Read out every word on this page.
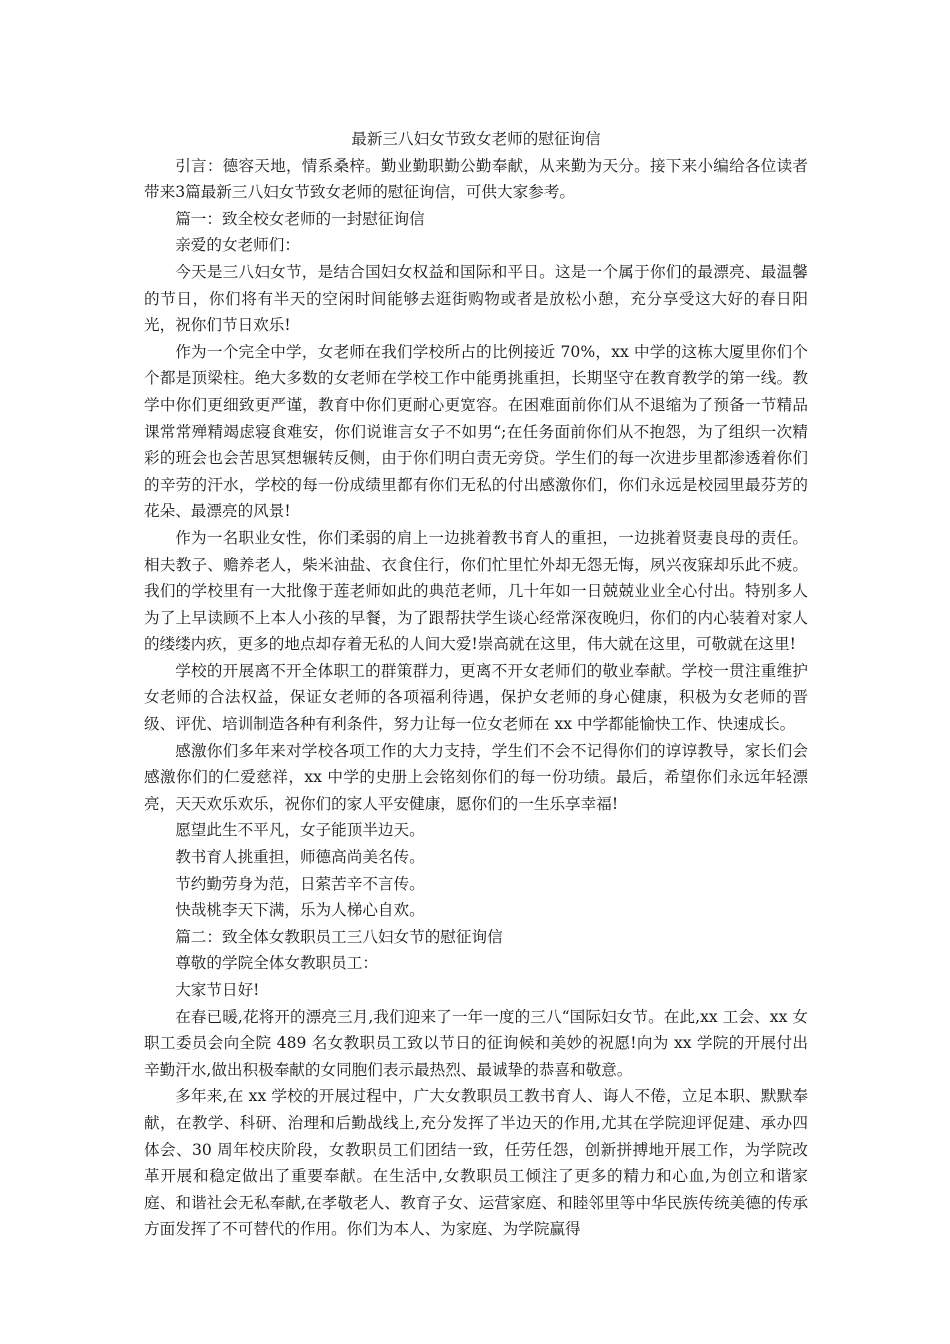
最新三八妇女节致女老师的慰征询信

引言：德容天地，情系桑梓。勤业勤职勤公勤奉献，从来勤为天分。接下来小编给各位读者带来3篇最新三八妇女节致女老师的慰征询信，可供大家参考。

篇一：致全校女老师的一封慰征询信

亲爱的女老师们：

今天是三八妇女节，是结合国妇女权益和国际和平日。这是一个属于你们的最漂亮、最温馨的节日，你们将有半天的空闲时间能够去逛街购物或者是放松小憩，充分享受这大好的春日阳光，祝你们节日欢乐!

作为一个完全中学，女老师在我们学校所占的比例接近 70%，xx 中学的这栋大厦里你们个个都是顶梁柱。绝大多数的女老师在学校工作中能勇挑重担，长期坚守在教育教学的第一线。教学中你们更细致更严谨，教育中你们更耐心更宽容。在困难面前你们从不退缩为了预备一节精品课常常殚精竭虑寝食难安，你们说谁言女子不如男“;在任务面前你们从不抱怨，为了组织一次精彩的班会也会苦思冥想辗转反侧，由于你们明白责无旁贷。学生们的每一次进步里都渗透着你们的辛劳的汗水，学校的每一份成绩里都有你们无私的付出感激你们，你们永远是校园里最芬芳的花朵、最漂亮的风景!

作为一名职业女性，你们柔弱的肩上一边挑着教书育人的重担，一边挑着贤妻良母的责任。相夫教子、赡养老人，柴米油盐、衣食住行，你们忙里忙外却无怨无悔，夙兴夜寐却乐此不疲。我们的学校里有一大批像于莲老师如此的典范老师，几十年如一日兢兢业业全心付出。特别多人为了上早读顾不上本人小孩的早餐，为了跟帮扶学生谈心经常深夜晚归，你们的内心装着对家人的缕缕内疚，更多的地点却存着无私的人间大爱!崇高就在这里，伟大就在这里，可敬就在这里!

学校的开展离不开全体职工的群策群力，更离不开女老师们的敬业奉献。学校一贯注重维护女老师的合法权益，保证女老师的各项福利待遇，保护女老师的身心健康，积极为女老师的晋级、评优、培训制造各种有利条件，努力让每一位女老师在 xx 中学都能愉快工作、快速成长。

感激你们多年来对学校各项工作的大力支持，学生们不会不记得你们的谆谆教导，家长们会感激你们的仁爱慈祥，xx 中学的史册上会铭刻你们的每一份功绩。最后，希望你们永远年轻漂亮，天天欢乐欢乐，祝你们的家人平安健康，愿你们的一生乐享幸福!

愿望此生不平凡，女子能顶半边天。

教书育人挑重担，师德高尚美名传。

节约勤劳身为范，日萦苦辛不言传。

快哉桃李天下满，乐为人梯心自欢。

篇二：致全体女教职员工三八妇女节的慰征询信

尊敬的学院全体女教职员工：

大家节日好!

在春已暖,花将开的漂亮三月,我们迎来了一年一度的三八“国际妇女节。在此,xx 工会、xx 女职工委员会向全院 489 名女教职员工致以节日的征询候和美妙的祝愿!向为 xx 学院的开展付出辛勤汗水,做出积极奉献的女同胞们表示最热烈、最诚挚的恭喜和敬意。

多年来,在 xx 学校的开展过程中，广大女教职员工教书育人、诲人不倦，立足本职、默默奉献，在教学、科研、治理和后勤战线上,充分发挥了半边天的作用,尤其在学院迎评促建、承办四体会、30 周年校庆阶段，女教职员工们团结一致，任劳任怨，创新拼搏地开展工作，为学院改革开展和稳定做出了重要奉献。在生活中,女教职员工倾注了更多的精力和心血,为创立和谐家庭、和谐社会无私奉献,在孝敬老人、教育子女、运营家庭、和睦邻里等中华民族传统美德的传承方面发挥了不可替代的作用。你们为本人、为家庭、为学院赢得
